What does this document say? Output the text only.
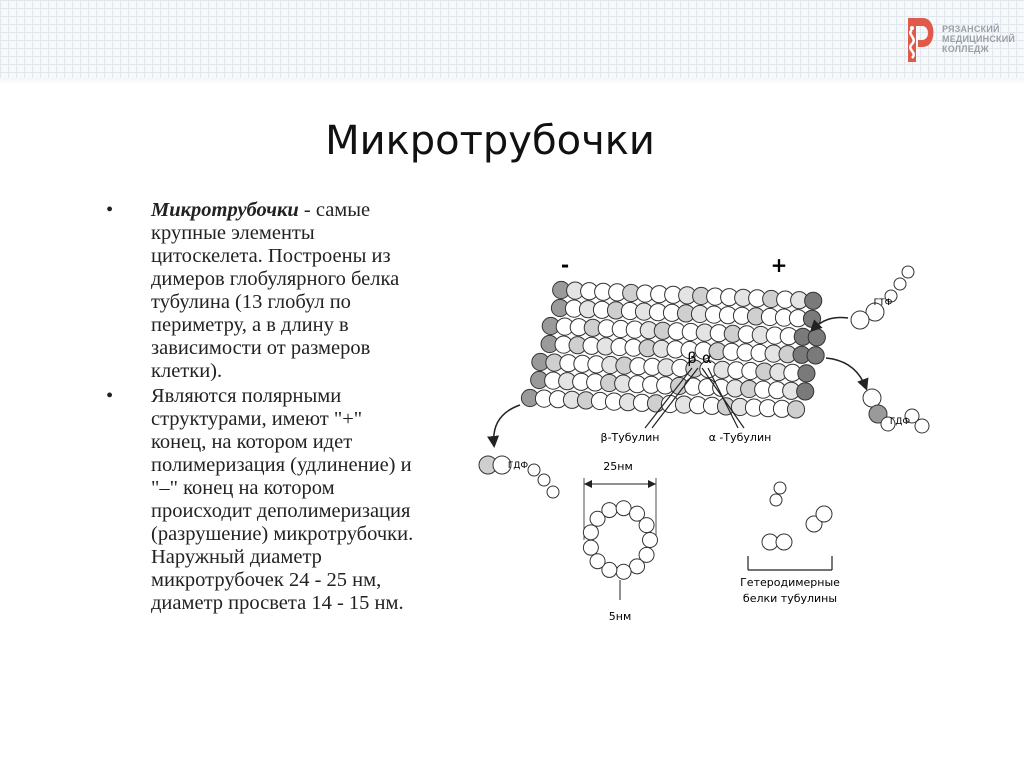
РЯЗАНСКИЙ
МЕДИЦИНСКИЙ
КОЛЛЕДЖ
Микротрубочки
• Микротрубочки - самые
крупные элементы
цитоскелета. Построены из
димеров глобулярного белка
тубулина (13 глобул по
периметру, а в длину в
зависимости от размеров
клетки).
• Являются полярными
структурами, имеют "+"
конец, на котором идет
полимеризация (удлинение) и
"–" конец на котором
происходит деполимеризация
(разрушение) микротрубочки.
Наружный диаметр
микротрубочек 24 - 25 нм,
диаметр просвета 14 - 15 нм.
-	+
β α
β-Тубулин	α -Тубулин
ГТФ
ГДФ
ГДФ	25нм
5нм
Гетеродимерные
белки тубулины
